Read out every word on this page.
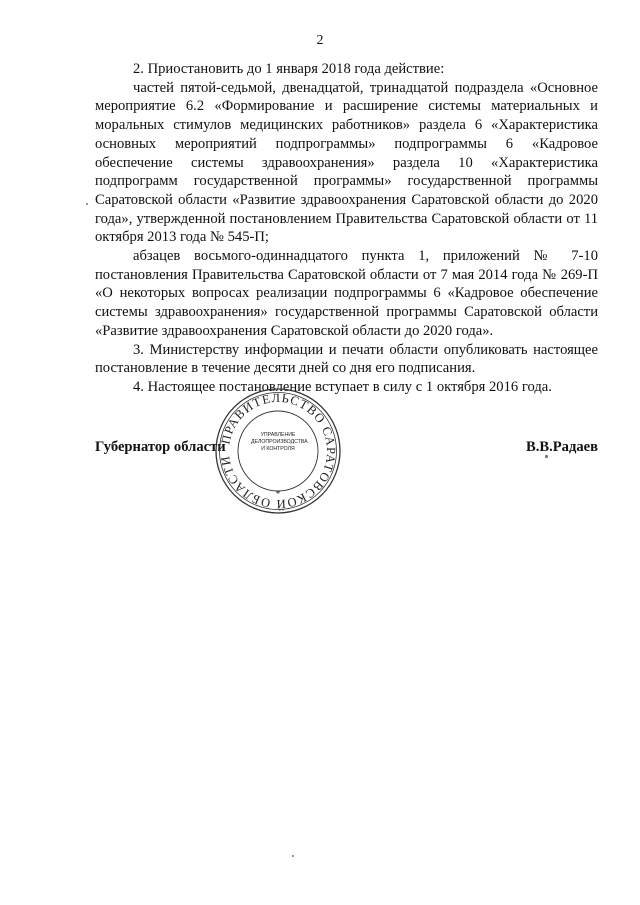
2

2. Приостановить до 1 января 2018 года действие:

частей пятой-седьмой, двенадцатой, тринадцатой подраздела «Основное мероприятие 6.2 «Формирование и расширение системы материальных и моральных стимулов медицинских работников» раздела 6 «Характеристика основных мероприятий подпрограммы» подпрограммы 6 «Кадровое обеспечение системы здравоохранения» раздела 10 «Характеристика подпрограмм государственной программы» государственной программы Саратовской области «Развитие здравоохранения Саратовской области до 2020 года», утвержденной постановлением Правительства Саратовской области от 11 октября 2013 года № 545-П;

абзацев восьмого-одиннадцатого пункта 1, приложений № 7-10 постановления Правительства Саратовской области от 7 мая 2014 года № 269-П «О некоторых вопросах реализации подпрограммы 6 «Кадровое обеспечение системы здравоохранения» государственной программы Саратовской области «Развитие здравоохранения Саратовской области до 2020 года».

3. Министерству информации и печати области опубликовать настоящее постановление в течение десяти дней со дня его подписания.

4. Настоящее постановление вступает в силу с 1 октября 2016 года.

Губернатор области	В.В.Радаев
ПРАВИТЕЛЬСТВО САРАТОВСКОЙ ОБЛАСТИ
УПРАВЛЕНИЕ
ДЕЛОПРОИЗВОДСТВА
И КОНТРОЛЯ
*
